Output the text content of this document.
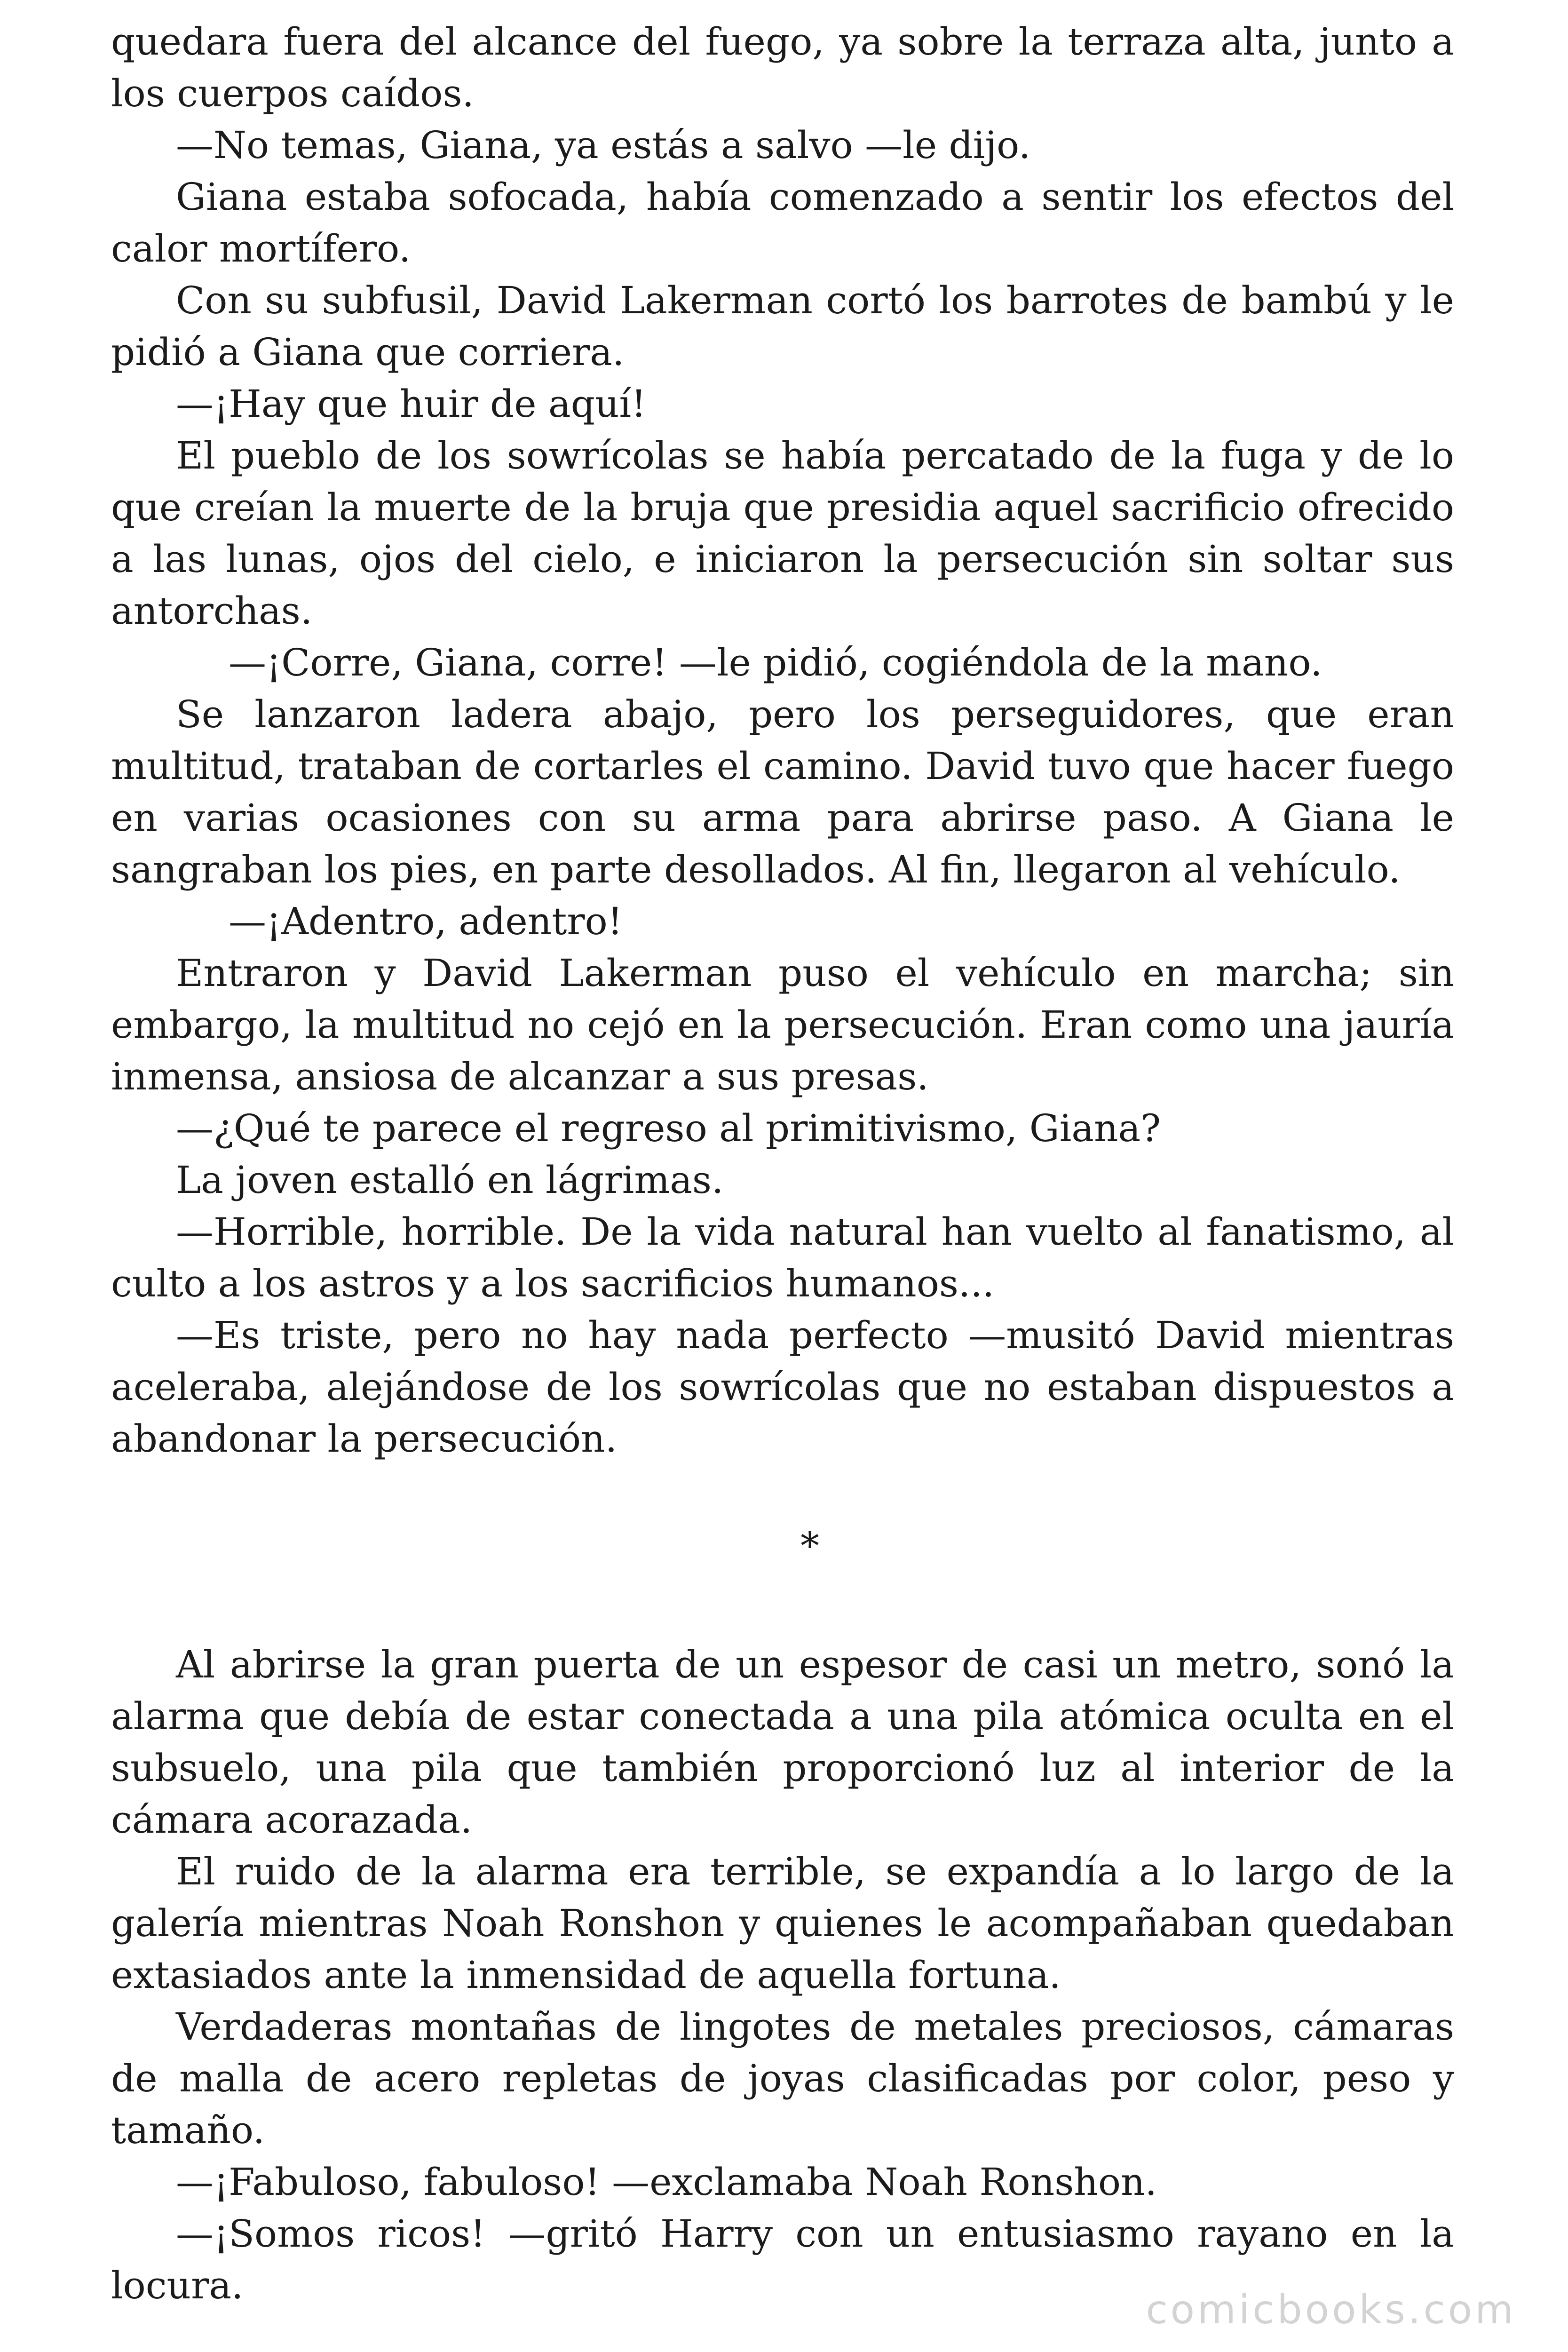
quedara fuera del alcance del fuego, ya sobre la terraza alta, junto a los cuerpos caídos.

—No temas, Giana, ya estás a salvo —le dijo.

Giana estaba sofocada, había comenzado a sentir los efectos del calor mortífero.

Con su subfusil, David Lakerman cortó los barrotes de bambú y le pidió a Giana que corriera.

—¡Hay que huir de aquí!

El pueblo de los sowrícolas se había percatado de la fuga y de lo que creían la muerte de la bruja que presidia aquel sacrificio ofrecido a las lunas, ojos del cielo, e iniciaron la persecución sin soltar sus antorchas.

—¡Corre, Giana, corre! —le pidió, cogiéndola de la mano.

Se lanzaron ladera abajo, pero los perseguidores, que eran multitud, trataban de cortarles el camino. David tuvo que hacer fuego en varias ocasiones con su arma para abrirse paso. A Giana le sangraban los pies, en parte desollados. Al fin, llegaron al vehículo.

—¡Adentro, adentro!

Entraron y David Lakerman puso el vehículo en marcha; sin embargo, la multitud no cejó en la persecución. Eran como una jauría inmensa, ansiosa de alcanzar a sus presas.

—¿Qué te parece el regreso al primitivismo, Giana?

La joven estalló en lágrimas.

—Horrible, horrible. De la vida natural han vuelto al fanatismo, al culto a los astros y a los sacrificios humanos...

—Es triste, pero no hay nada perfecto —musitó David mientras aceleraba, alejándose de los sowrícolas que no estaban dispuestos a abandonar la persecución.

*

Al abrirse la gran puerta de un espesor de casi un metro, sonó la alarma que debía de estar conectada a una pila atómica oculta en el subsuelo, una pila que también proporcionó luz al interior de la cámara acorazada.

El ruido de la alarma era terrible, se expandía a lo largo de la galería mientras Noah Ronshon y quienes le acompañaban quedaban extasiados ante la inmensidad de aquella fortuna.

Verdaderas montañas de lingotes de metales preciosos, cámaras de malla de acero repletas de joyas clasificadas por color, peso y tamaño.

—¡Fabuloso, fabuloso! —exclamaba Noah Ronshon.

—¡Somos ricos! —gritó Harry con un entusiasmo rayano en la locura.

comicbooks.com
